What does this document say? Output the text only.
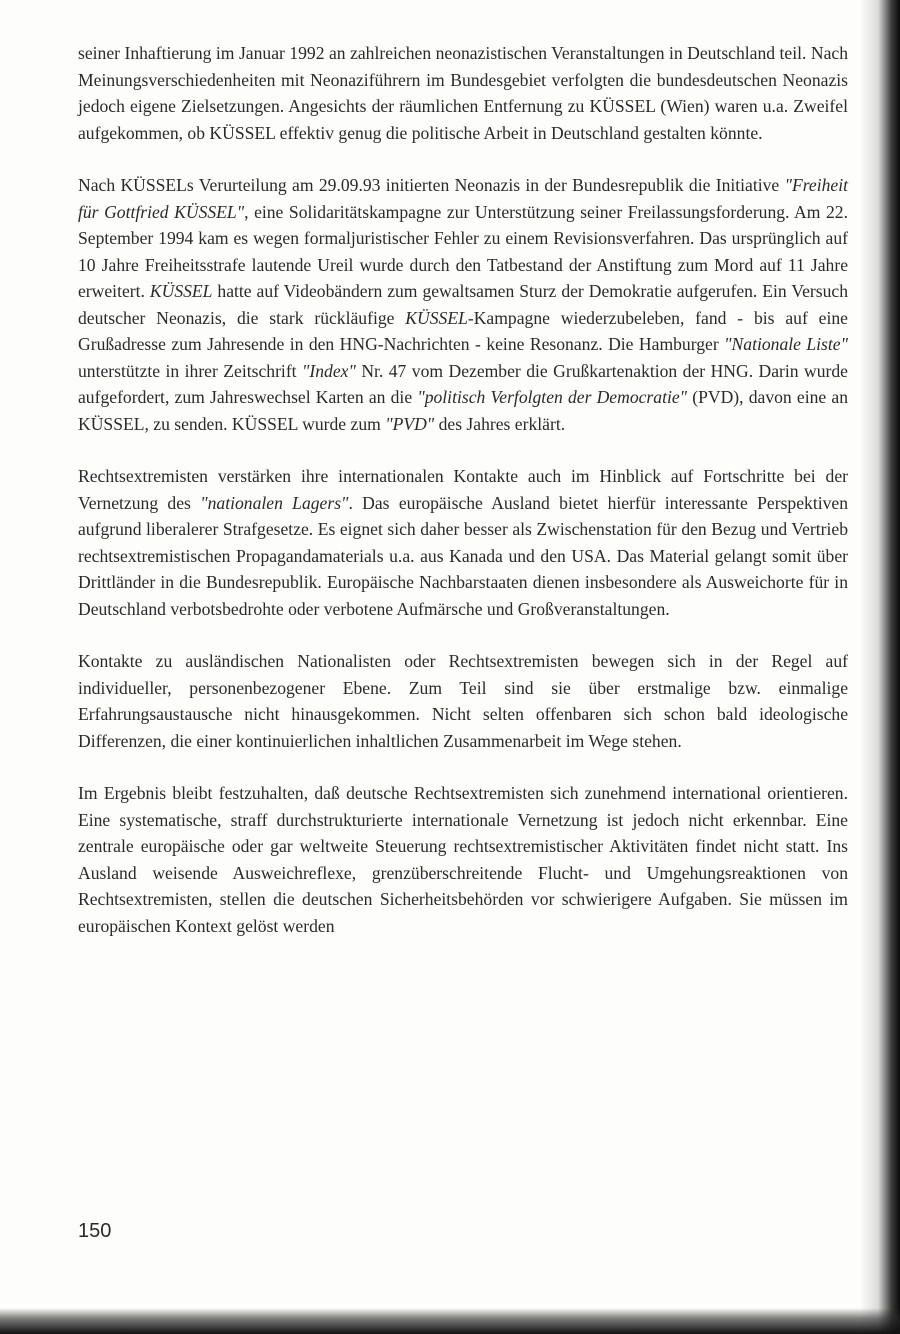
seiner Inhaftierung im Januar 1992 an zahlreichen neonazistischen Veranstaltungen in Deutschland teil. Nach Meinungsverschiedenheiten mit Neonaziführern im Bundesgebiet verfolgten die bundesdeutschen Neonazis jedoch eigene Zielsetzungen. Angesichts der räumlichen Entfernung zu KÜSSEL (Wien) waren u.a. Zweifel aufgekommen, ob KÜSSEL effektiv genug die politische Arbeit in Deutschland gestalten könnte.

Nach KÜSSELs Verurteilung am 29.09.93 initierten Neonazis in der Bundesrepublik die Initiative "Freiheit für Gottfried KÜSSEL", eine Solidaritätskampagne zur Unterstützung seiner Freilassungsforderung. Am 22. September 1994 kam es wegen formaljuristischer Fehler zu einem Revisionsverfahren. Das ursprünglich auf 10 Jahre Freiheitsstrafe lautende Ureil wurde durch den Tatbestand der Anstiftung zum Mord auf 11 Jahre erweitert. KÜSSEL hatte auf Videobändern zum gewaltsamen Sturz der Demokratie aufgerufen. Ein Versuch deutscher Neonazis, die stark rückläufige KÜSSEL-Kampagne wiederzubeleben, fand - bis auf eine Grußadresse zum Jahresende in den HNG-Nachrichten - keine Resonanz. Die Hamburger "Nationale Liste" unterstützte in ihrer Zeitschrift "Index" Nr. 47 vom Dezember die Grußkartenaktion der HNG. Darin wurde aufgefordert, zum Jahreswechsel Karten an die "politisch Verfolgten der Democratie" (PVD), davon eine an KÜSSEL, zu senden. KÜSSEL wurde zum "PVD" des Jahres erklärt.

Rechtsextremisten verstärken ihre internationalen Kontakte auch im Hinblick auf Fortschritte bei der Vernetzung des "nationalen Lagers". Das europäische Ausland bietet hierfür interessante Perspektiven aufgrund liberalerer Strafgesetze. Es eignet sich daher besser als Zwischenstation für den Bezug und Vertrieb rechtsextremistischen Propagandamaterials u.a. aus Kanada und den USA. Das Material gelangt somit über Drittländer in die Bundesrepublik. Europäische Nachbarstaaten dienen insbesondere als Ausweichorte für in Deutschland verbotsbedrohte oder verbotene Aufmärsche und Großveranstaltungen.

Kontakte zu ausländischen Nationalisten oder Rechtsextremisten bewegen sich in der Regel auf individueller, personenbezogener Ebene. Zum Teil sind sie über erstmalige bzw. einmalige Erfahrungsaustausche nicht hinausgekommen. Nicht selten offenbaren sich schon bald ideologische Differenzen, die einer kontinuierlichen inhaltlichen Zusammenarbeit im Wege stehen.

Im Ergebnis bleibt festzuhalten, daß deutsche Rechtsextremisten sich zunehmend international orientieren. Eine systematische, straff durchstrukturierte internationale Vernetzung ist jedoch nicht erkennbar. Eine zentrale europäische oder gar weltweite Steuerung rechtsextremistischer Aktivitäten findet nicht statt. Ins Ausland weisende Ausweichreflexe, grenzüberschreitende Flucht- und Umgehungsreaktionen von Rechtsextremisten, stellen die deutschen Sicherheitsbehörden vor schwierigere Aufgaben. Sie müssen im europäischen Kontext gelöst werden

150
